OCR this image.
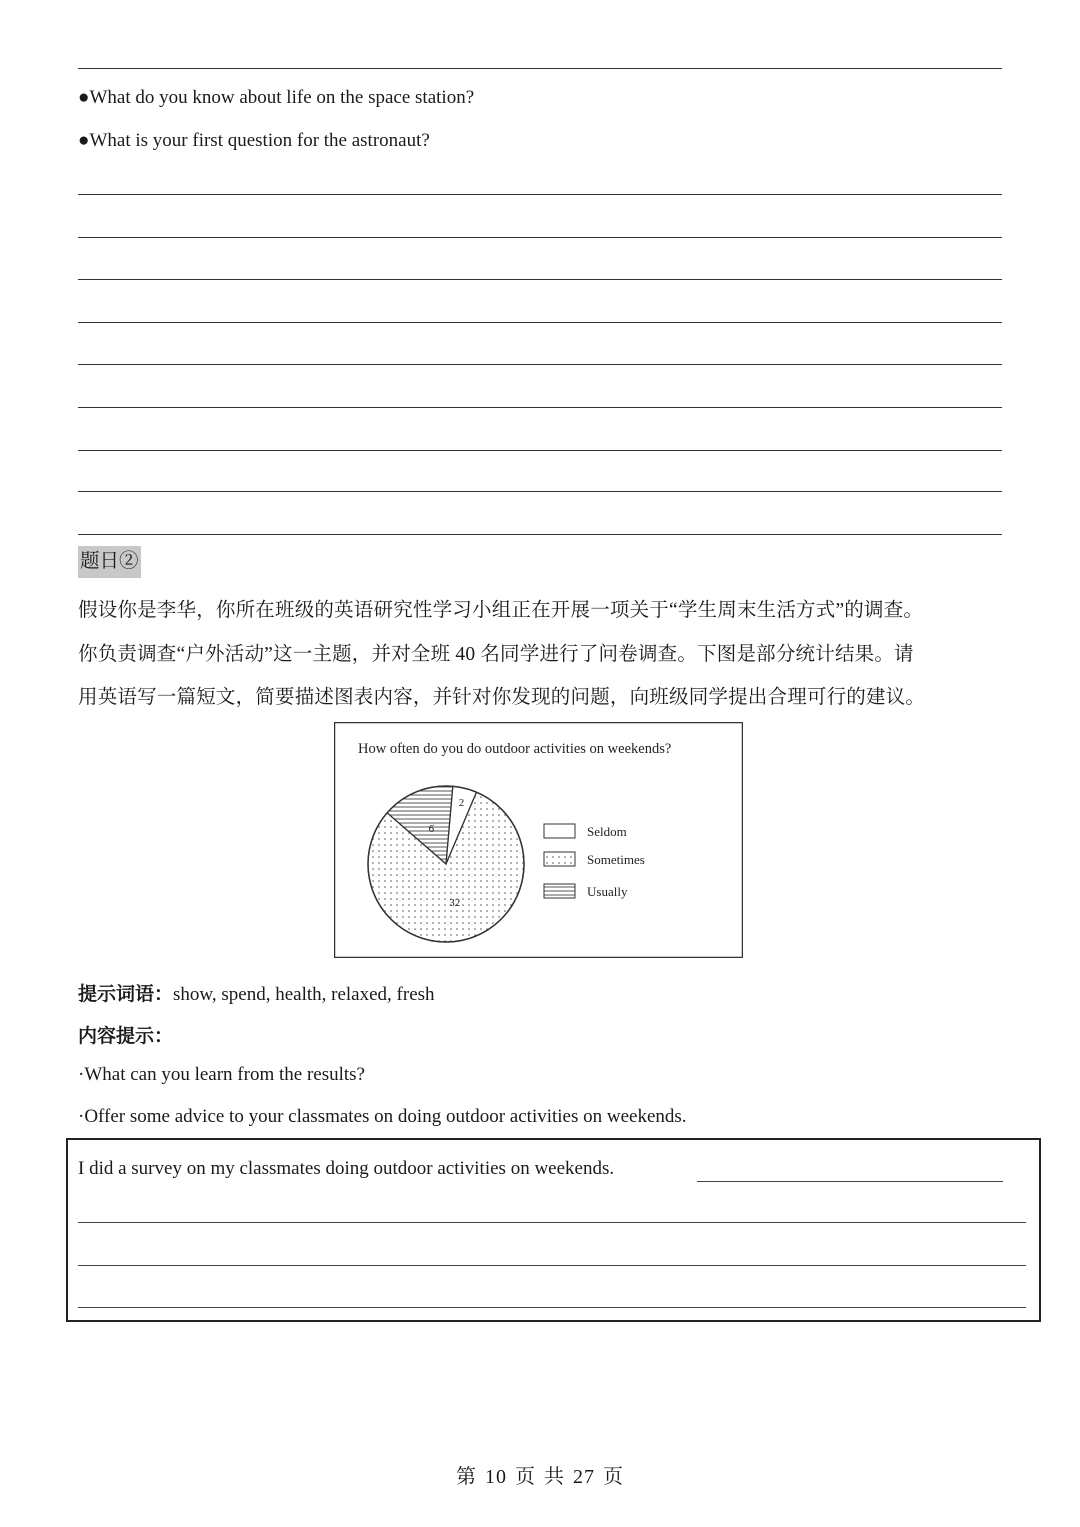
●What do you know about life on the space station?
●What is your first question for the astronaut?
题日②
假设你是李华，你所在班级的英语研究性学习小组正在开展一项关于“学生周末生活方式”的调查。
你负责调查“户外活动”这一主题，并对全班 40 名同学进行了问卷调查。下图是部分统计结果。请
用英语写一篇短文，简要描述图表内容，并针对你发现的问题，向班级同学提出合理可行的建议。
How often do you do outdoor activities on weekends?
2
32
6	Seldom
Sometimes
Usually
提示词语：show, spend, health, relaxed, fresh
内容提示：
·What can you learn from the results?
·Offer some advice to your classmates on doing outdoor activities on weekends.
I did a survey on my classmates doing outdoor activities on weekends.
第 10 页 共 27 页
